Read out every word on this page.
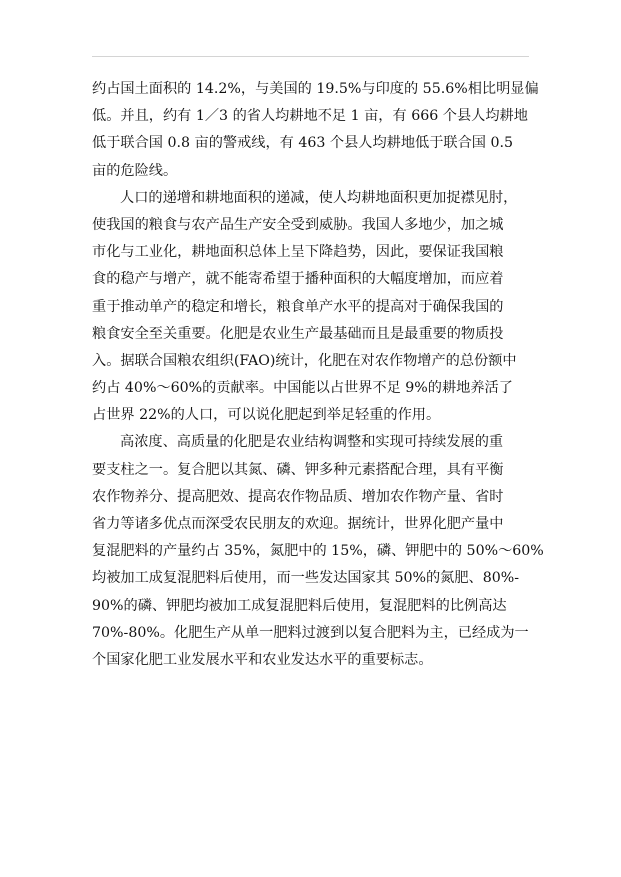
约占国土面积的 14.2%，与美国的 19.5%与印度的 55.6%相比明显偏
低。并且，约有 1／3 的省人均耕地不足 1 亩，有 666 个县人均耕地
低于联合国 0.8 亩的警戒线，有 463 个县人均耕地低于联合国 0.5
亩的危险线。
人口的递增和耕地面积的递减，使人均耕地面积更加捉襟见肘，
使我国的粮食与农产品生产安全受到威胁。我国人多地少，加之城
市化与工业化，耕地面积总体上呈下降趋势，因此，要保证我国粮
食的稳产与增产，就不能寄希望于播种面积的大幅度增加，而应着
重于推动单产的稳定和增长，粮食单产水平的提高对于确保我国的
粮食安全至关重要。化肥是农业生产最基础而且是最重要的物质投
入。据联合国粮农组织(FAO)统计，化肥在对农作物增产的总份额中
约占 40%～60%的贡献率。中国能以占世界不足 9%的耕地养活了
占世界 22%的人口，可以说化肥起到举足轻重的作用。
高浓度、高质量的化肥是农业结构调整和实现可持续发展的重
要支柱之一。复合肥以其氮、磷、钾多种元素搭配合理，具有平衡
农作物养分、提高肥效、提高农作物品质、增加农作物产量、省时
省力等诸多优点而深受农民朋友的欢迎。据统计，世界化肥产量中
复混肥料的产量约占 35%，氮肥中的 15%，磷、钾肥中的 50%～60%
均被加工成复混肥料后使用，而一些发达国家其 50%的氮肥、80%-
90%的磷、钾肥均被加工成复混肥料后使用，复混肥料的比例高达
70%-80%。化肥生产从单一肥料过渡到以复合肥料为主，已经成为一
个国家化肥工业发展水平和农业发达水平的重要标志。
